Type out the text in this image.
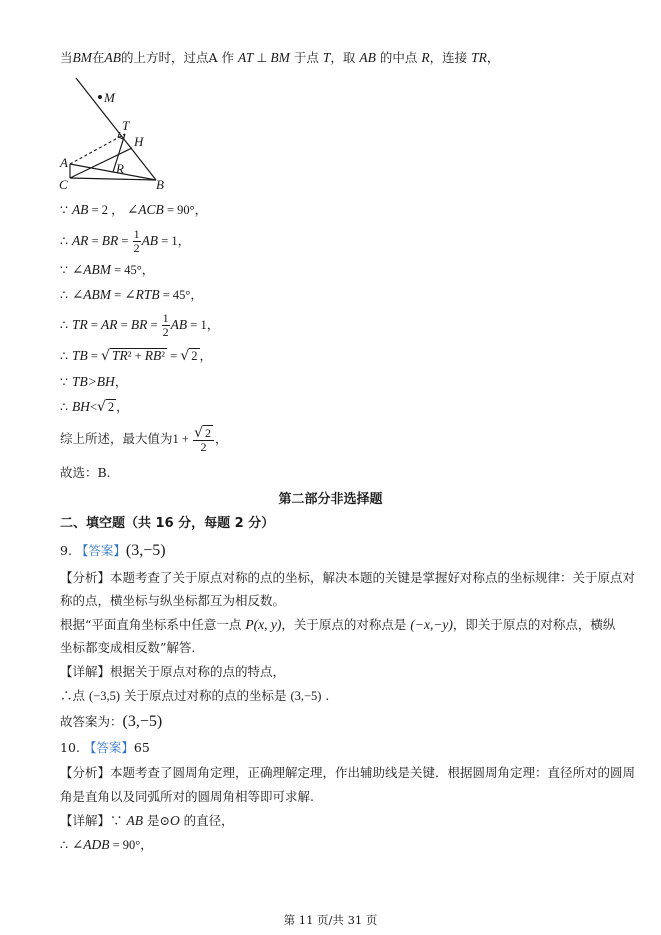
当BM在AB的上方时，过点A 作 AT ⊥ BM 于点 T，取 AB 的中点 R，连接 TR，
M
T
H
A	R
C	B
∵ AB = 2 ， ∠ACB = 90°，
∴ AR = BR = $\frac{1}{2}$ AB = 1，
∵ ∠ABM = 45°，
∴ ∠ABM = ∠RTB = 45°，
∴ TR = AR = BR = $\frac{1}{2}$ AB = 1，
∴ TB = √ TR² + RB² = √ 2 ，
∵ TB>BH，
∴ BH<√ 2 ，
综上所述，最大值为$1 + \frac{√ 2}{2}$ ，
故选：B.
第二部分非选择题
二、填空题（共 16 分，每题 2 分）
9. 【答案】(3,−5)
【分析】本题考查了关于原点对称的点的坐标，解决本题的关键是掌握好对称点的坐标规律：关于原点对
称的点，横坐标与纵坐标都互为相反数。
根据“平面直角坐标系中任意一点 P(x, y)，关于原点的对称点是 (−x,−y)，即关于原点的对称点，横纵
坐标都变成相反数”解答.
【详解】根据关于原点对称的点的特点，
∴点 (−3,5) 关于原点过对称的点的坐标是 (3,−5) .
故答案为：(3,−5)
10. 【答案】65
【分析】本题考查了圆周角定理，正确理解定理，作出辅助线是关键．根据圆周角定理：直径所对的圆周
角是直角以及同弧所对的圆周角相等即可求解.
【详解】∵ AB 是⊙O 的直径，
∴ ∠ADB = 90°，
第 11 页/共 31 页
